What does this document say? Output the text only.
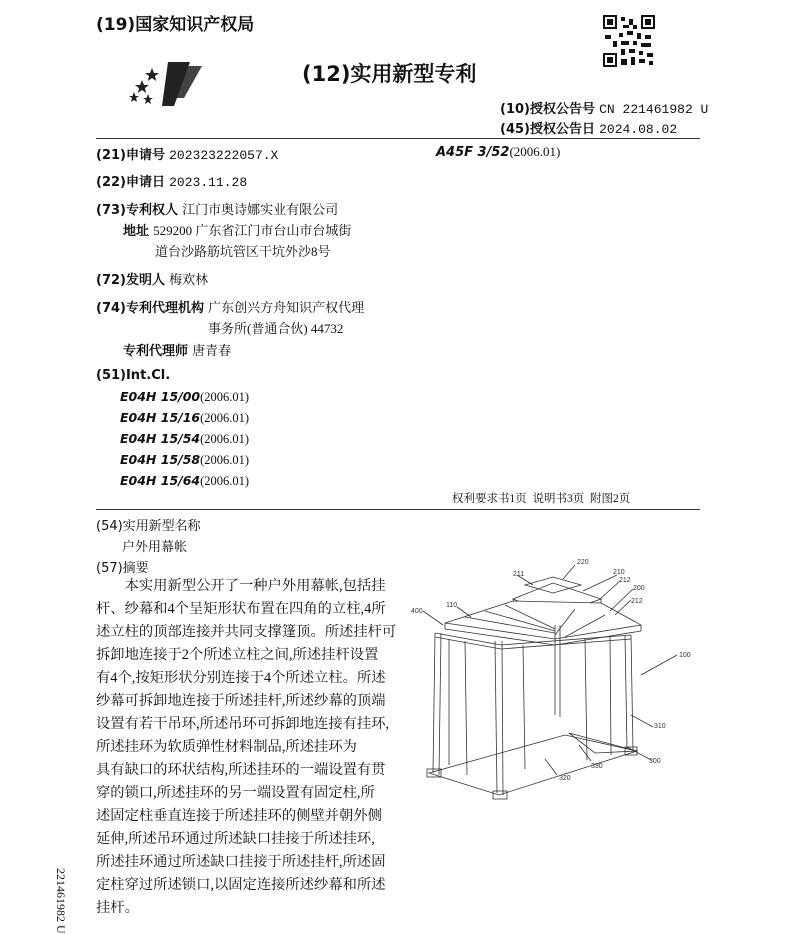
(19)国家知识产权局
(12)实用新型专利
(10)授权公告号 CN 221461982 U
(45)授权公告日 2024.08.02
(21)申请号 202323222057.X	A45F 3/52(2006.01)
(22)申请日 2023.11.28
(73)专利权人 江门市奥诗娜实业有限公司
地址 529200 广东省江门市台山市台城街
道台沙路筋坑管区干坑外沙8号
(72)发明人 梅欢林
(74)专利代理机构 广东创兴方舟知识产权代理
事务所(普通合伙) 44732
专利代理师 唐青春
(51)Int.Cl.
E04H 15/00(2006.01)
E04H 15/16(2006.01)
E04H 15/54(2006.01)
E04H 15/58(2006.01)
E04H 15/64(2006.01)
权利要求书1页  说明书3页  附图2页
(54)实用新型名称
户外用幕帐
(57)摘要
　　本实用新型公开了一种户外用幕帐,包括挂
杆、纱幕和4个呈矩形状布置在四角的立柱,4所
述立柱的顶部连接并共同支撑篷顶。所述挂杆可
拆卸地连接于2个所述立柱之间,所述挂杆设置
有4个,按矩形状分别连接于4个所述立柱。所述
纱幕可拆卸地连接于所述挂杆,所述纱幕的顶端
设置有若干吊环,所述吊环可拆卸地连接有挂环,
所述挂环为软质弹性材料制品,所述挂环为
具有缺口的环状结构,所述挂环的一端设置有贯
穿的锁口,所述挂环的另一端设置有固定柱,所
述固定柱垂直连接于所述挂环的侧壁并朝外侧
延伸,所述吊环通过所述缺口挂接于所述挂环,
所述挂环通过所述缺口挂接于所述挂杆,所述固
定柱穿过所述锁口,以固定连接所述纱幕和所述
挂杆。
220
211	210
212
200
212
110
400
100
310
300
330
320
221461982 U
